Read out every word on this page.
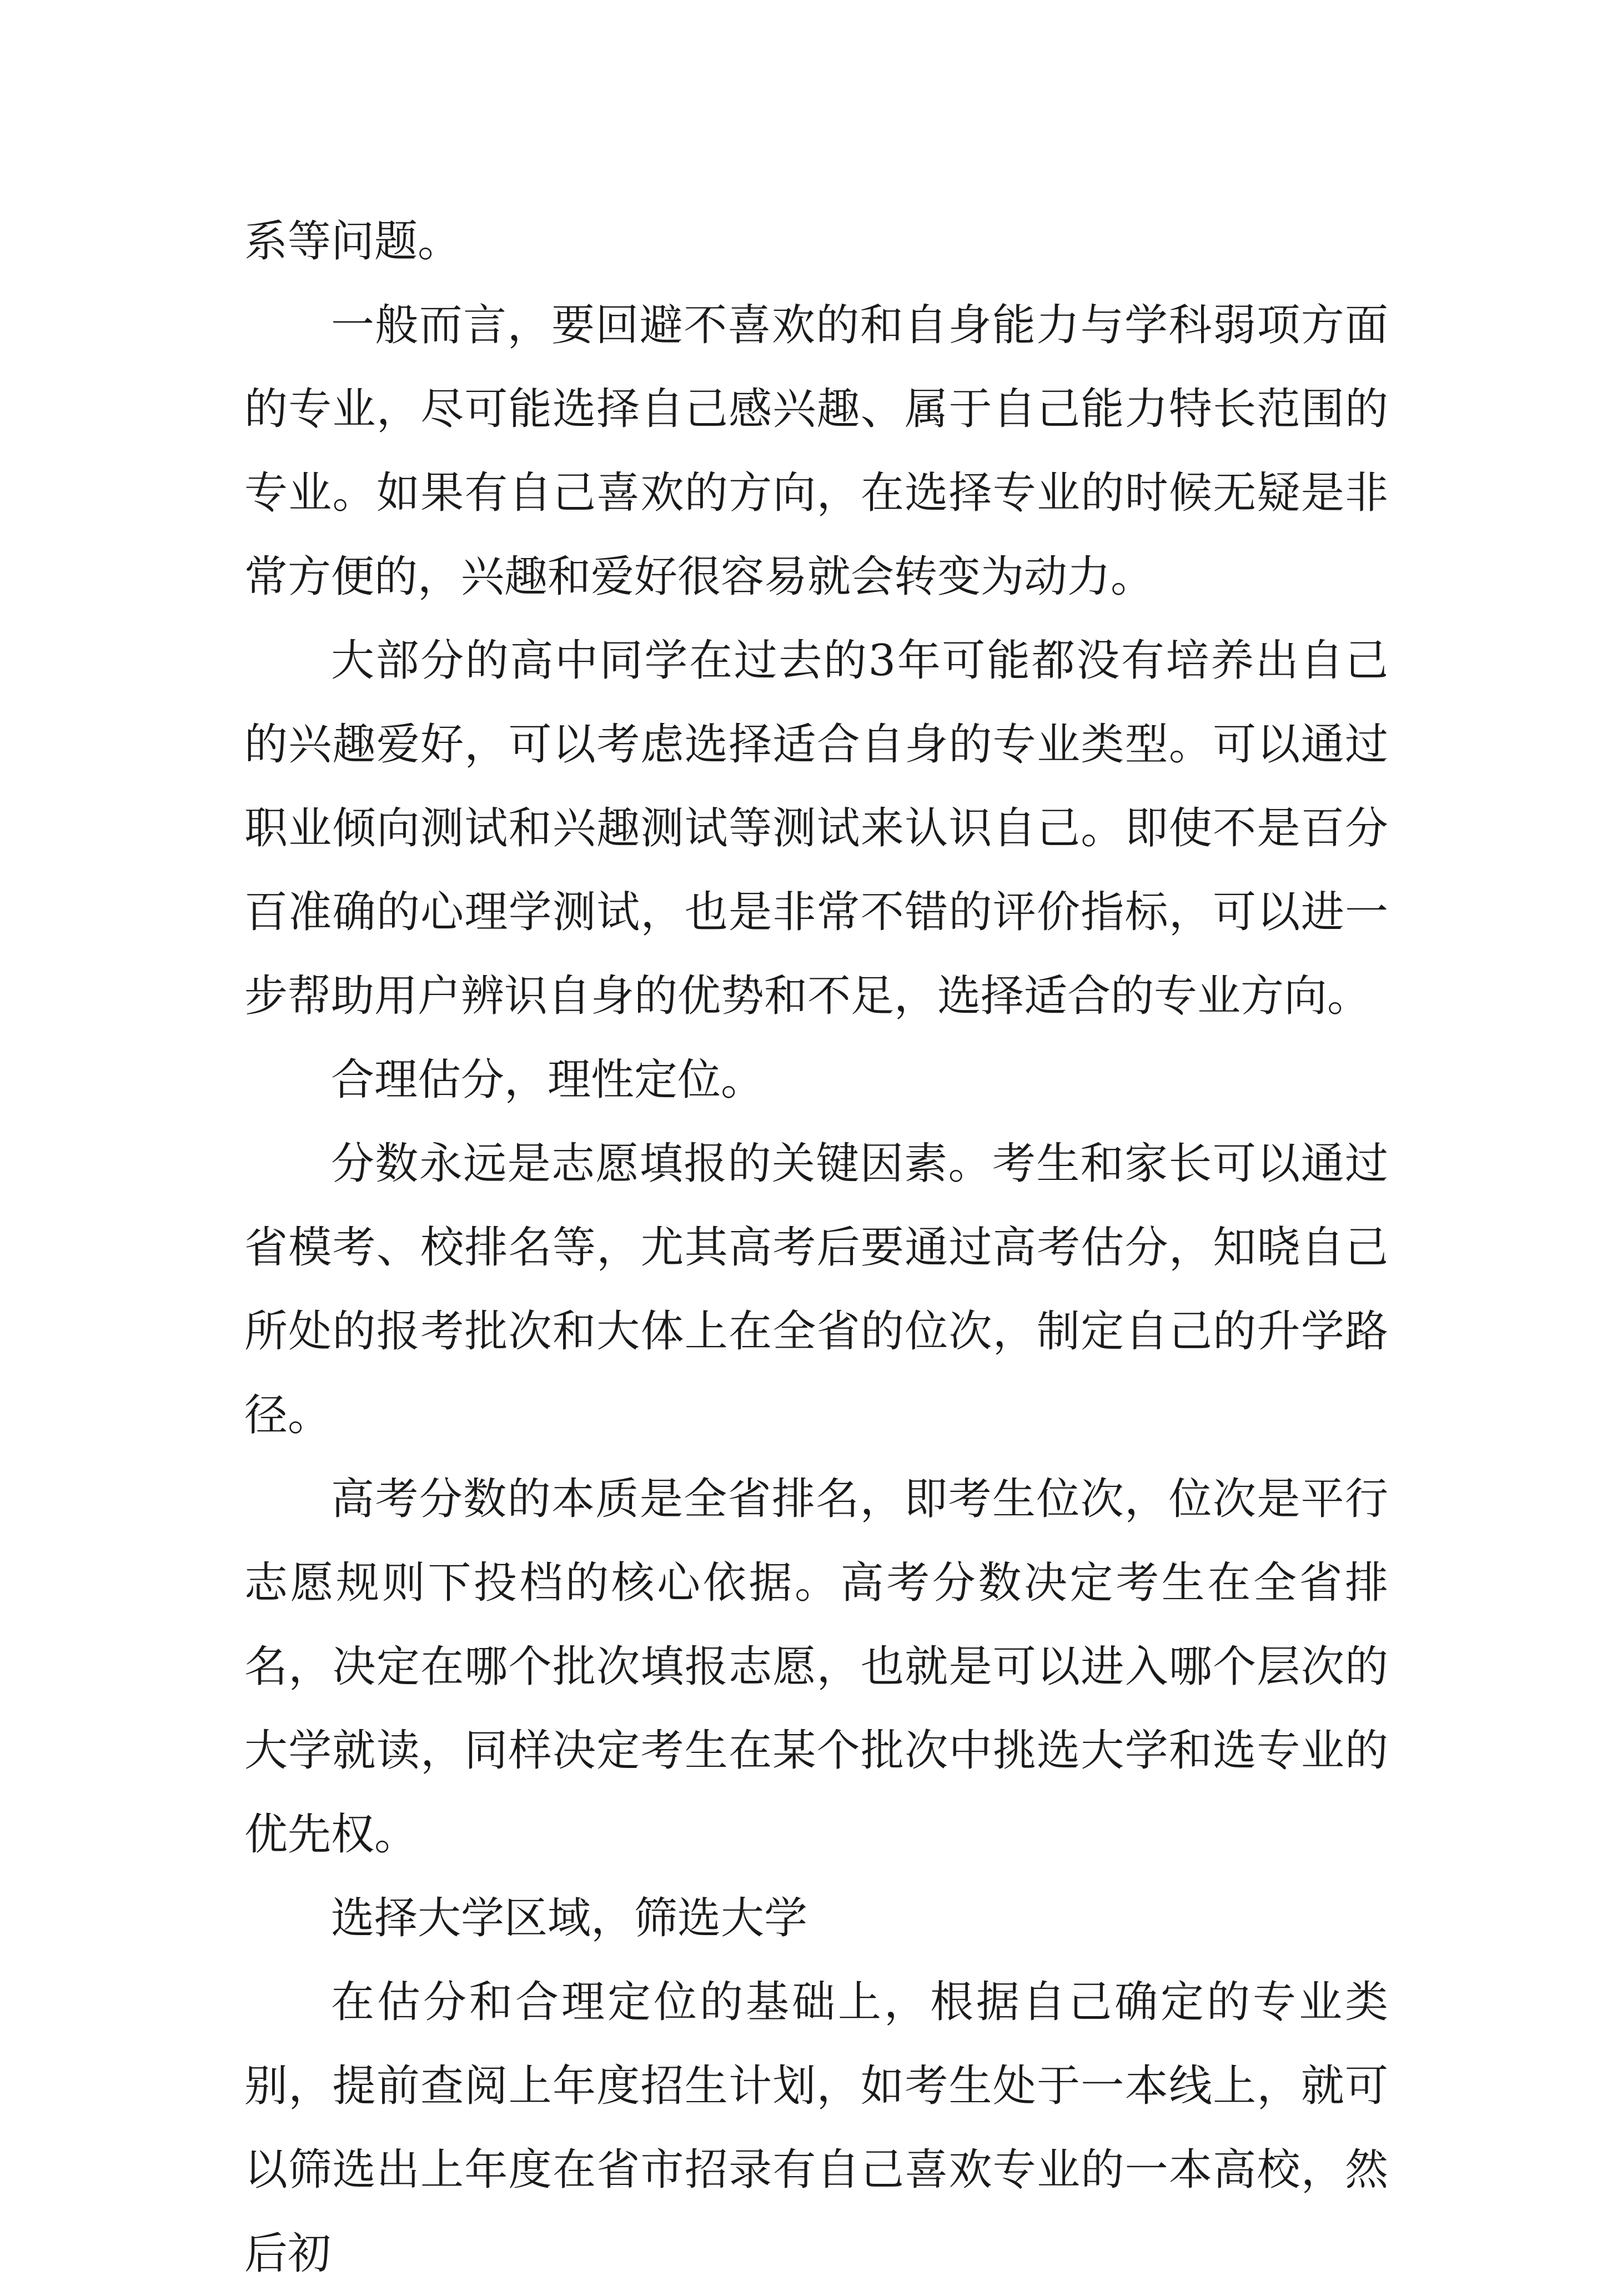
系等问题。

一般而言，要回避不喜欢的和自身能力与学科弱项方面的专业，尽可能选择自己感兴趣、属于自己能力特长范围的专业。如果有自己喜欢的方向，在选择专业的时候无疑是非常方便的，兴趣和爱好很容易就会转变为动力。

大部分的高中同学在过去的3年可能都没有培养出自己的兴趣爱好，可以考虑选择适合自身的专业类型。可以通过职业倾向测试和兴趣测试等测试来认识自己。即使不是百分百准确的心理学测试，也是非常不错的评价指标，可以进一步帮助用户辨识自身的优势和不足，选择适合的专业方向。

合理估分，理性定位。

分数永远是志愿填报的关键因素。考生和家长可以通过省模考、校排名等，尤其高考后要通过高考估分，知晓自己所处的报考批次和大体上在全省的位次，制定自己的升学路径。

高考分数的本质是全省排名，即考生位次，位次是平行志愿规则下投档的核心依据。高考分数决定考生在全省排名，决定在哪个批次填报志愿，也就是可以进入哪个层次的大学就读，同样决定考生在某个批次中挑选大学和选专业的优先权。

选择大学区域，筛选大学

在估分和合理定位的基础上，根据自己确定的专业类别，提前查阅上年度招生计划，如考生处于一本线上，就可以筛选出上年度在省市招录有自己喜欢专业的一本高校，然后初
